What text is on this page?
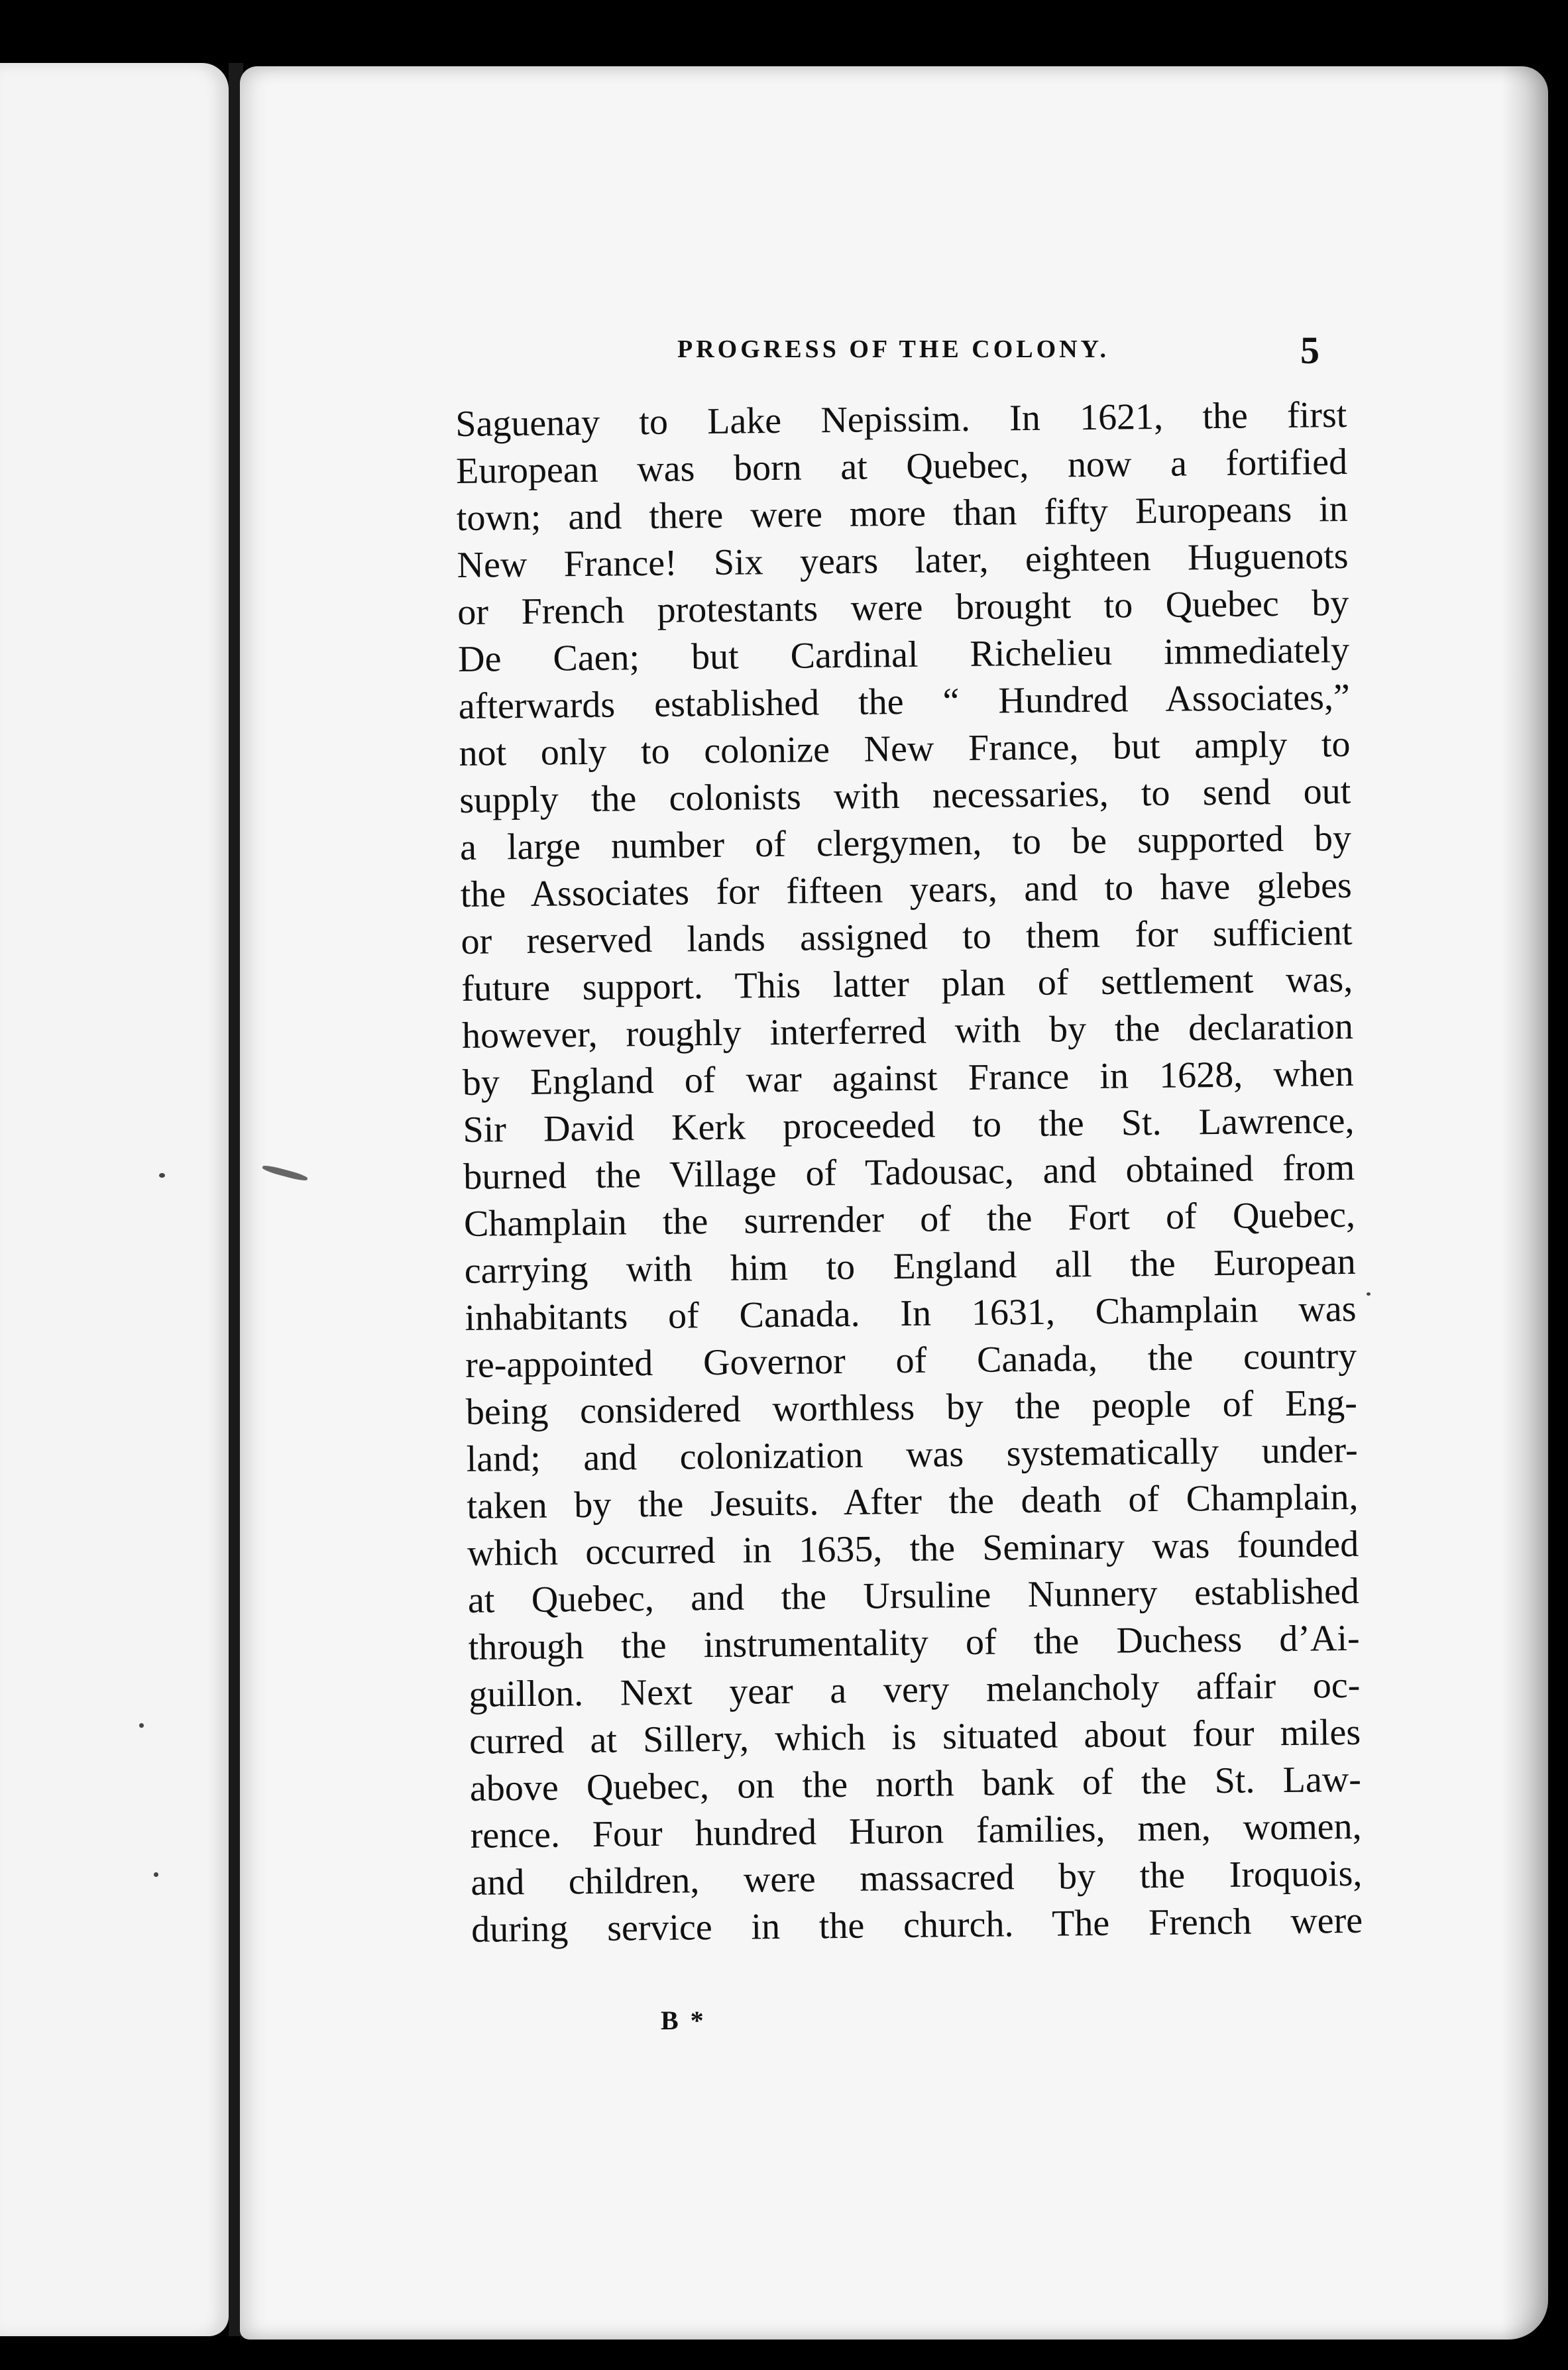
PROGRESS OF THE COLONY.	5
Saguenay to Lake Nepissim. In 1621, the first
European was born at Quebec, now a fortified
town; and there were more than fifty Europeans in
New France! Six years later, eighteen Huguenots
or French protestants were brought to Quebec by
De Caen; but Cardinal Richelieu immediately
afterwards established the “ Hundred Associates,”
not only to colonize New France, but amply to
supply the colonists with necessaries, to send out
a large number of clergymen, to be supported by
the Associates for fifteen years, and to have glebes
or reserved lands assigned to them for sufficient
future support. This latter plan of settlement was,
however, roughly interferred with by the declaration
by England of war against France in 1628, when
Sir David Kerk proceeded to the St. Lawrence,
burned the Village of Tadousac, and obtained from
Champlain the surrender of the Fort of Quebec,
carrying with him to England all the European
inhabitants of Canada. In 1631, Champlain was
re-appointed Governor of Canada, the country
being considered worthless by the people of Eng-
land; and colonization was systematically under-
taken by the Jesuits. After the death of Champlain,
which occurred in 1635, the Seminary was founded
at Quebec, and the Ursuline Nunnery established
through the instrumentality of the Duchess d’Ai-
guillon. Next year a very melancholy affair oc-
curred at Sillery, which is situated about four miles
above Quebec, on the north bank of the St. Law-
rence. Four hundred Huron families, men, women,
and children, were massacred by the Iroquois,
during service in the church. The French were
B *
